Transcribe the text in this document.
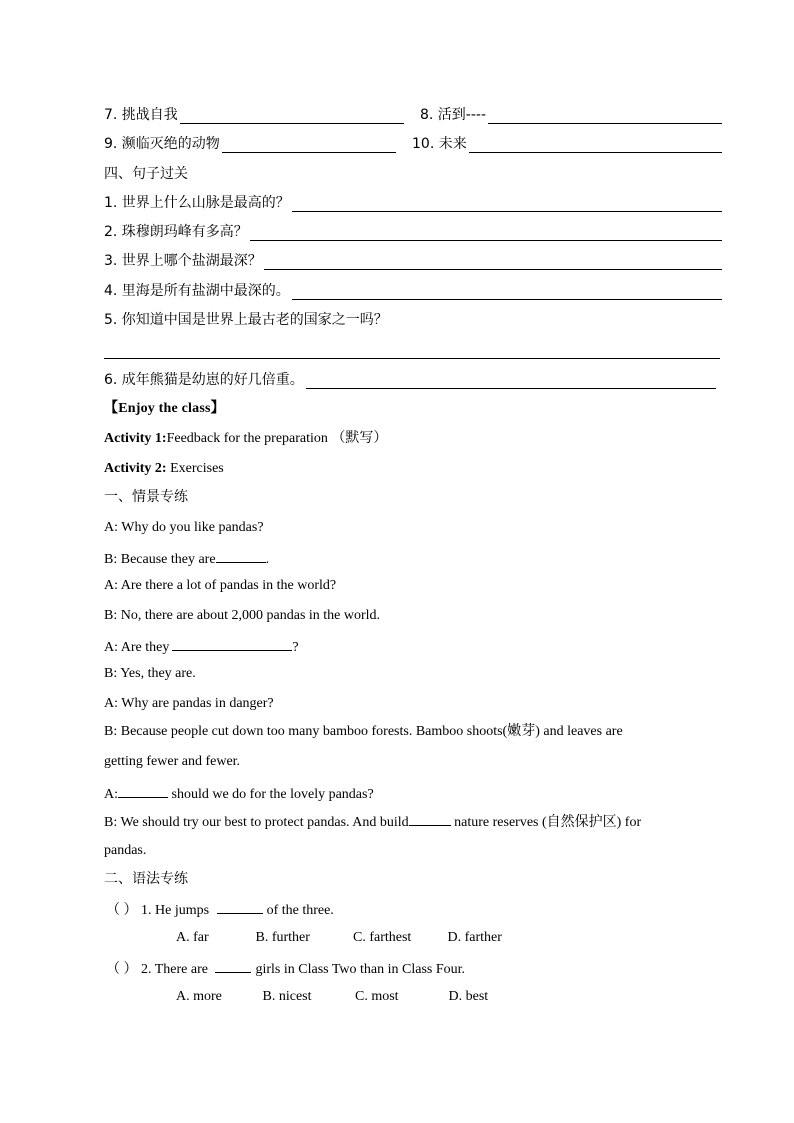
7. 挑战自我	8. 活到----
9. 濒临灭绝的动物	10. 未来
四、句子过关
1. 世界上什么山脉是最高的？
2. 珠穆朗玛峰有多高？
3. 世界上哪个盐湖最深？
4. 里海是所有盐湖中最深的。
5. 你知道中国是世界上最古老的国家之一吗？
6. 成年熊猫是幼崽的好几倍重。
【Enjoy the class】
Activity 1:Feedback for the preparation （默写）
Activity 2: Exercises
一、情景专练
A: Why do you like pandas?
B: Because they are	.
A: Are there a lot of pandas in the world?
B: No, there are about 2,000 pandas in the world.
A: Are they	?
B: Yes, they are.
A: Why are pandas in danger?
B: Because people cut down too many bamboo forests. Bamboo shoots(嫩芽) and leaves are
getting fewer and fewer.
A:	should we do for the lovely pandas?
B: We should try our best to protect pandas. And build	nature reserves (自然保护区) for
pandas.
二、语法专练
（ ） 1. He jumps	of the three.
A. far	B. further	C. farthest	D. farther
（ ） 2. There are	girls in Class Two than in Class Four.
A. more	B. nicest	C. most	D. best
